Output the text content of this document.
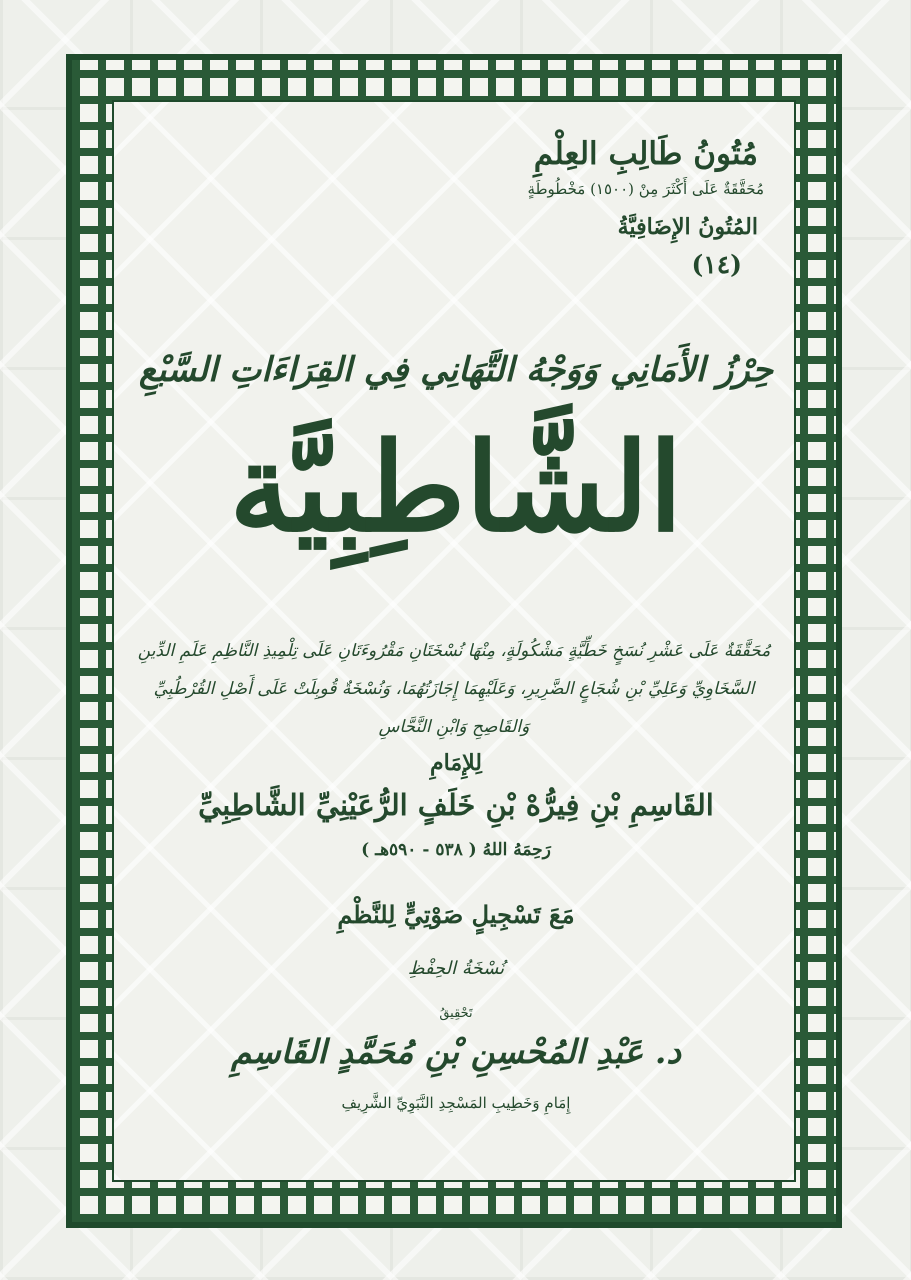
مُتُونُ طَالِبِ العِلْمِ

مُحَقَّقَةٌ عَلَى أَكْثَرَ مِنْ (١٥٠٠) مَخْطُوطَةٍ

المُتُونُ الإِضَافِيَّةُ

(١٤)

حِرْزُ الأَمَانِي وَوَجْهُ التَّهَانِي فِي القِرَاءَاتِ السَّبْعِ

الشَّاطِبِيَّة

مُحَقَّقَةٌ عَلَى عَشْرِ نُسَخٍ خَطِّيَّةٍ مَشْكُولَةٍ، مِنْهَا نُسْخَتَانِ مَقْرُوءَتَانِ عَلَى تِلْمِيذِ النَّاظِمِ عَلَمِ الدِّينِ السَّخَاوِيِّ وَعَلِيِّ بْنِ شُجَاعٍ الضَّرِيرِ، وَعَلَيْهِمَا إِجَازَتُهُمَا، وَنُسْخَةٌ قُوبِلَتْ عَلَى أَصْلِ القُرْطُبِيِّ وَالقَاصِحِ وَابْنِ النَّحَّاسِ

لِلإِمَامِ

القَاسِمِ بْنِ فِيرُّهْ بْنِ خَلَفٍ الرُّعَيْنِيِّ الشَّاطِبِيِّ

رَحِمَهُ اللهُ ( ٥٣٨ - ٥٩٠هـ )

مَعَ تَسْجِيلٍ صَوْتِيٍّ لِلنَّظْمِ

نُسْخَةُ الحِفْظِ

تَحْقِيقُ

د. عَبْدِ المُحْسِنِ بْنِ مُحَمَّدٍ القَاسِمِ

إِمَامِ وَخَطِيبِ المَسْجِدِ النَّبَوِيِّ الشَّرِيفِ
